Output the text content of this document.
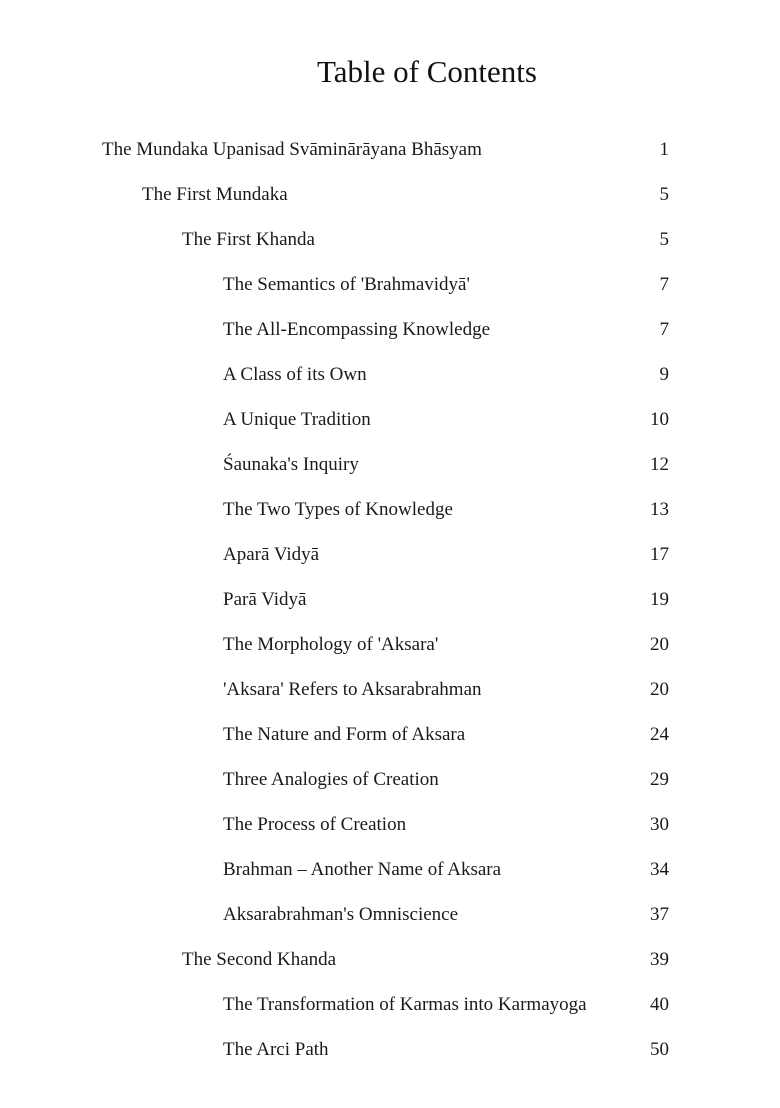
Table of Contents
The Mundaka Upanisad Svāminārāyana Bhāsyam	1
The First Mundaka	5
The First Khanda	5
The Semantics of 'Brahmavidyā'	7
The All-Encompassing Knowledge	7
A Class of its Own	9
A Unique Tradition	10
Śaunaka's Inquiry	12
The Two Types of Knowledge	13
Aparā Vidyā	17
Parā Vidyā	19
The Morphology of 'Aksara'	20
'Aksara' Refers to Aksarabrahman	20
The Nature and Form of Aksara	24
Three Analogies of Creation	29
The Process of Creation	30
Brahman – Another Name of Aksara	34
Aksarabrahman's Omniscience	37
The Second Khanda	39
The Transformation of Karmas into Karmayoga	40
The Arci Path	50
